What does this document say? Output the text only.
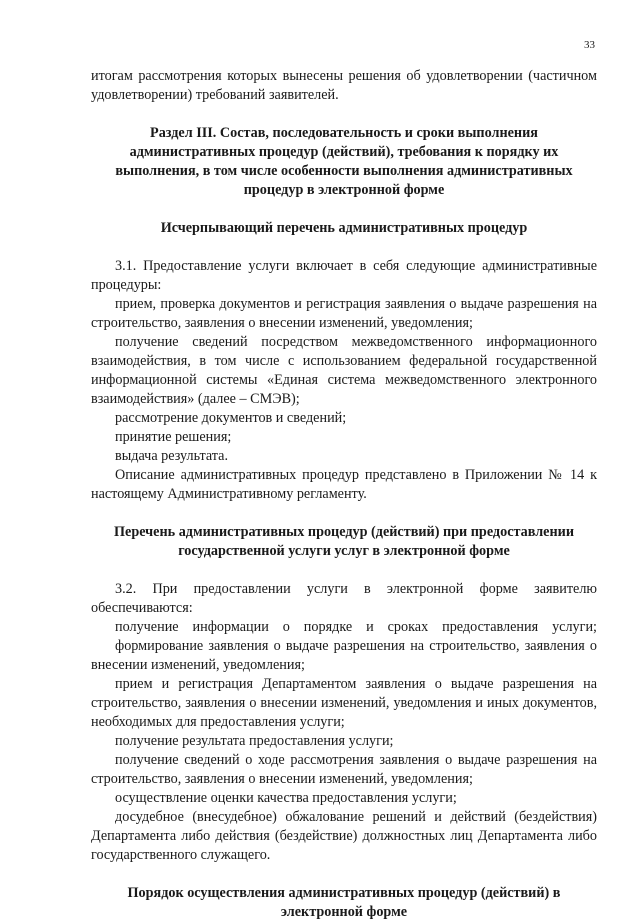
33

итогам рассмотрения которых вынесены решения об удовлетворении (частичном удовлетворении) требований заявителей.

Раздел III. Состав, последовательность и сроки выполнения административных процедур (действий), требования к порядку их выполнения, в том числе особенности выполнения административных процедур в электронной форме
Исчерпывающий перечень административных процедур

3.1. Предоставление услуги включает в себя следующие административные процедуры:

прием, проверка документов и регистрация заявления о выдаче разрешения на строительство, заявления о внесении изменений, уведомления;

получение сведений посредством межведомственного информационного взаимодействия, в том числе с использованием федеральной государственной информационной системы «Единая система межведомственного электронного взаимодействия» (далее – СМЭВ);

рассмотрение документов и сведений;

принятие решения;

выдача результата.

Описание административных процедур представлено в Приложении № 14 к настоящему Административному регламенту.

Перечень административных процедур (действий) при предоставлении государственной услуги услуг в электронной форме

3.2. При предоставлении услуги в электронной форме заявителю обеспечиваются:

получение информации о порядке и сроках предоставления услуги;

формирование заявления о выдаче разрешения на строительство, заявления о внесении изменений, уведомления;

прием и регистрация Департаментом заявления о выдаче разрешения на строительство, заявления о внесении изменений, уведомления и иных документов, необходимых для предоставления услуги;

получение результата предоставления услуги;

получение сведений о ходе рассмотрения заявления о выдаче разрешения на строительство, заявления о внесении изменений, уведомления;

осуществление оценки качества предоставления услуги;

досудебное (внесудебное) обжалование решений и действий (бездействия) Департамента либо действия (бездействие) должностных лиц Департамента либо государственного служащего.

Порядок осуществления административных процедур (действий) в электронной форме
